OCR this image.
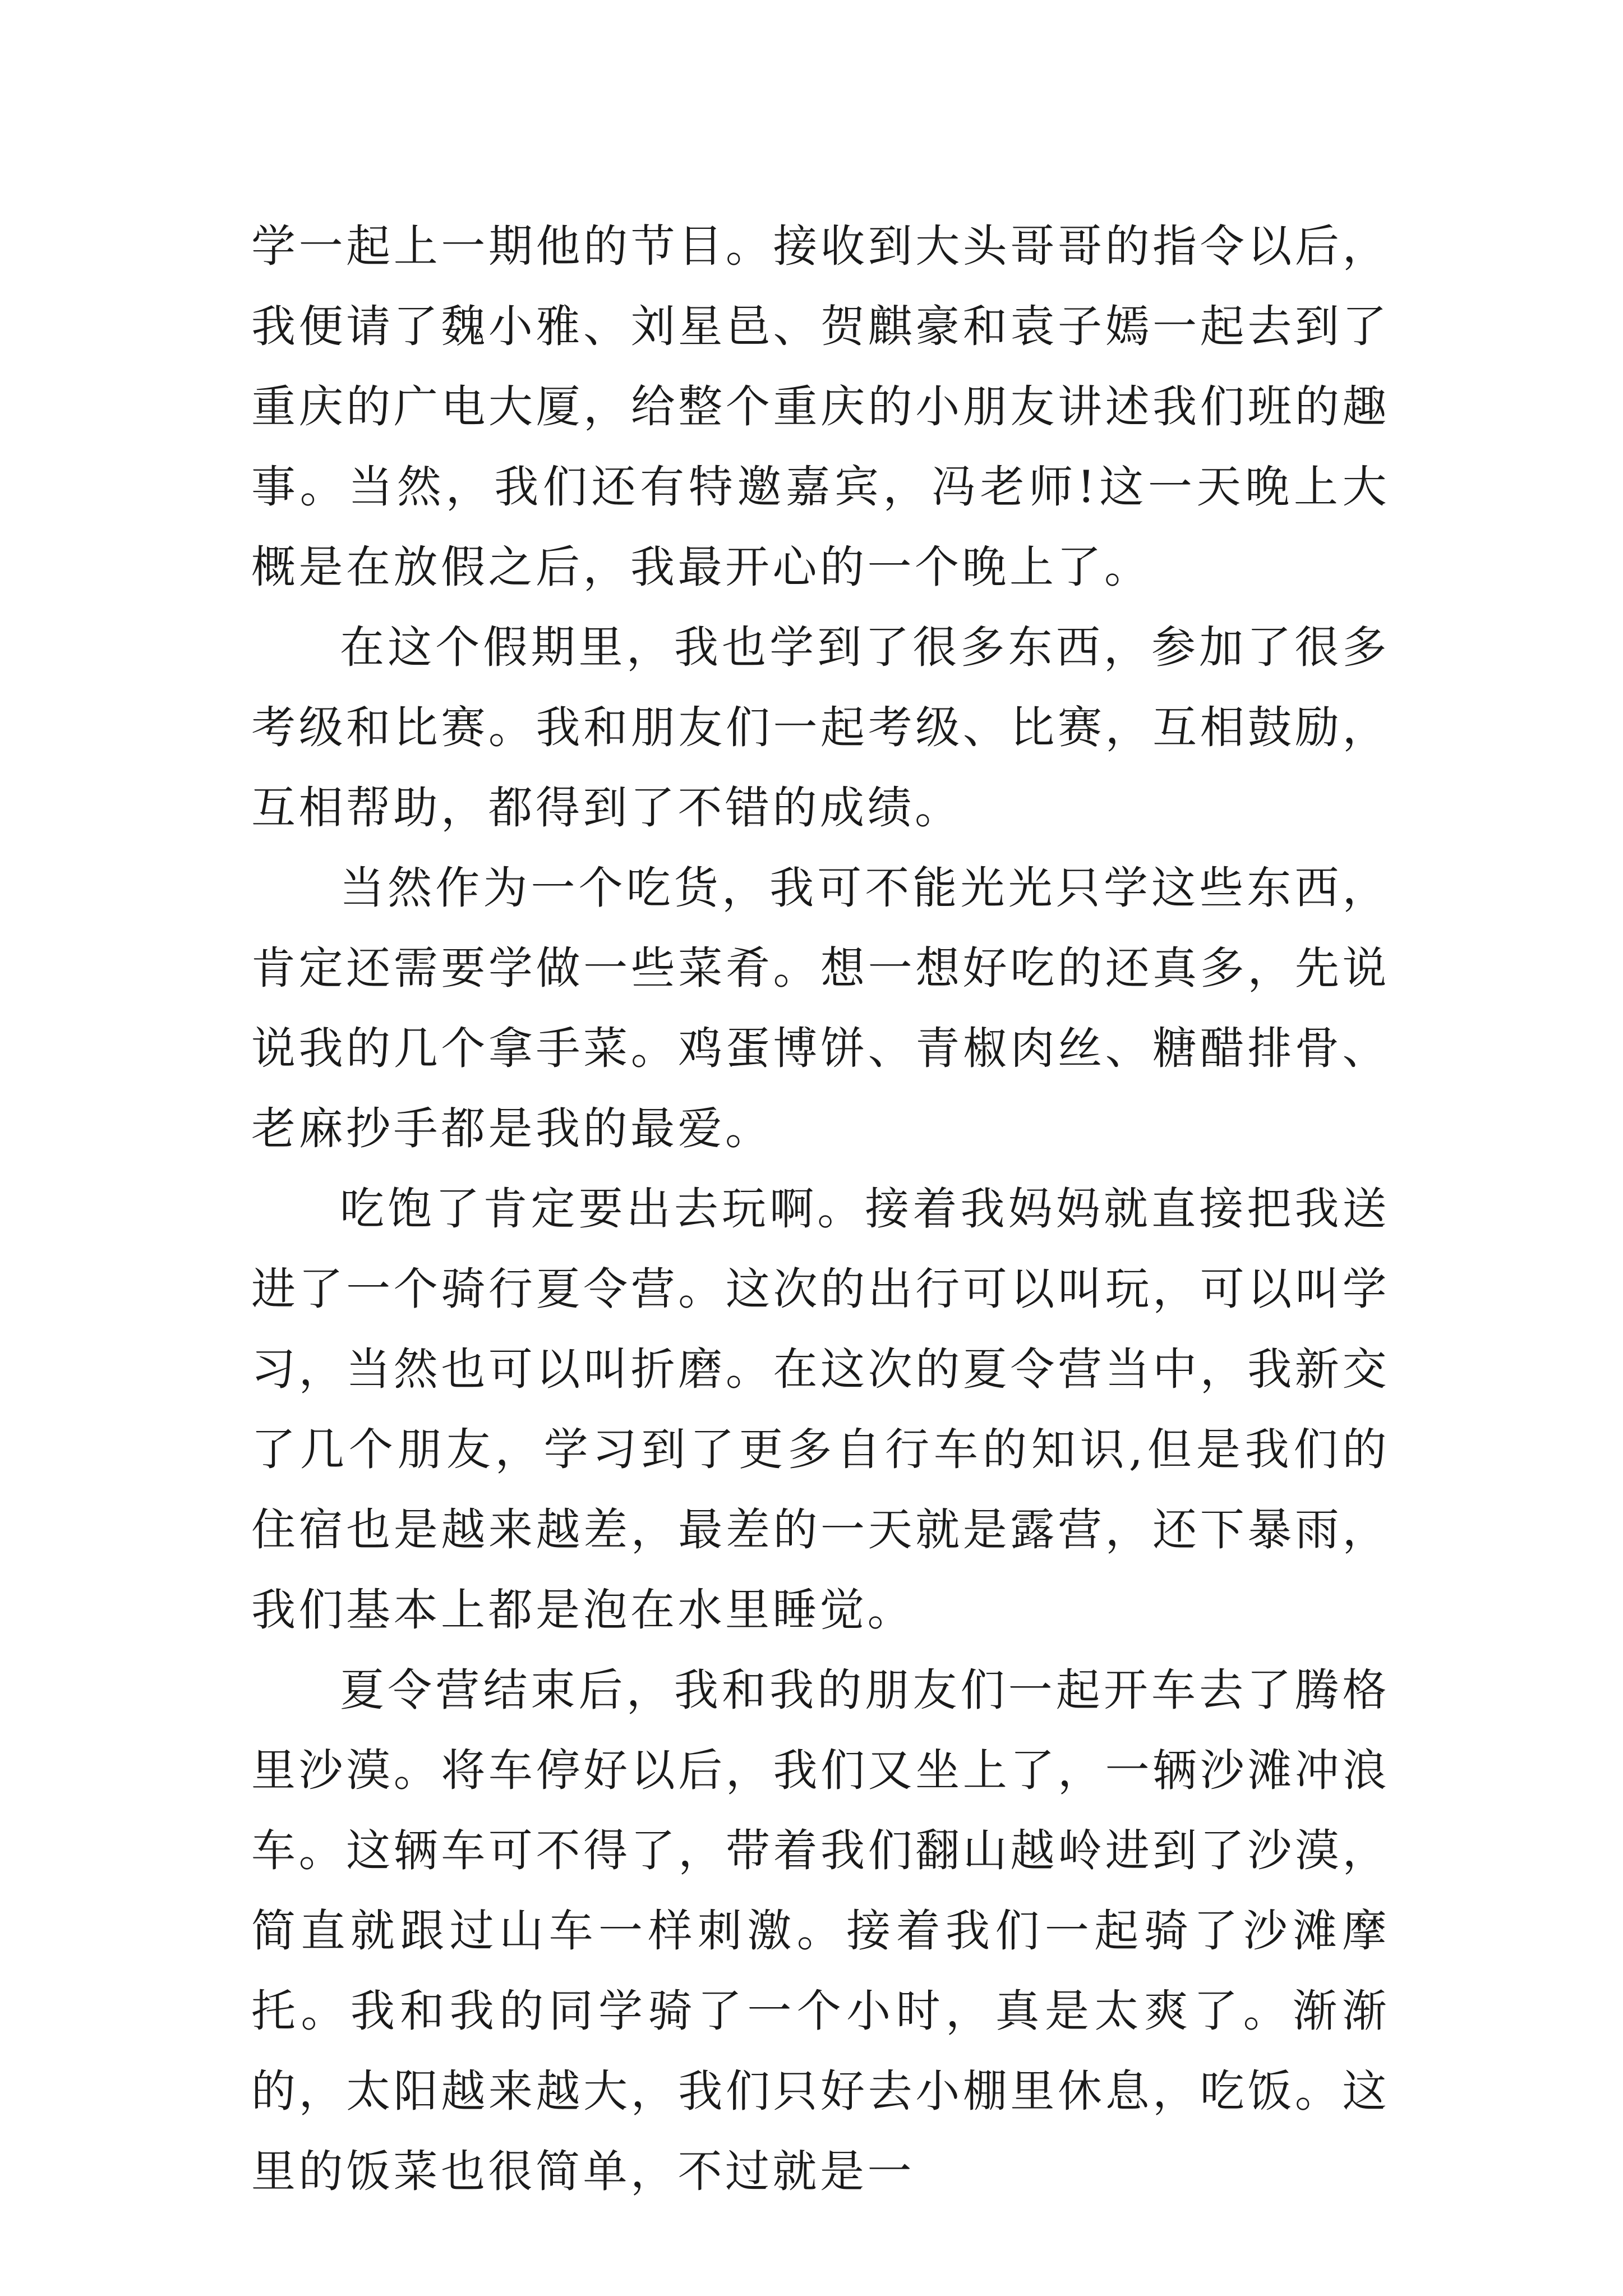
学一起上一期他的节目。接收到大头哥哥的指令以后，我便请了魏小雅、刘星邑、贺麒豪和袁子嫣一起去到了重庆的广电大厦，给整个重庆的小朋友讲述我们班的趣事。当然，我们还有特邀嘉宾，冯老师!这一天晚上大概是在放假之后，我最开心的一个晚上了。

在这个假期里，我也学到了很多东西，参加了很多考级和比赛。我和朋友们一起考级、比赛，互相鼓励，互相帮助，都得到了不错的成绩。

当然作为一个吃货，我可不能光光只学这些东西，肯定还需要学做一些菜肴。想一想好吃的还真多，先说说我的几个拿手菜。鸡蛋博饼、青椒肉丝、糖醋排骨、老麻抄手都是我的最爱。

吃饱了肯定要出去玩啊。接着我妈妈就直接把我送进了一个骑行夏令营。这次的出行可以叫玩，可以叫学习，当然也可以叫折磨。在这次的夏令营当中，我新交了几个朋友，学习到了更多自行车的知识,但是我们的住宿也是越来越差，最差的一天就是露营，还下暴雨，我们基本上都是泡在水里睡觉。

夏令营结束后，我和我的朋友们一起开车去了腾格里沙漠。将车停好以后，我们又坐上了，一辆沙滩冲浪车。这辆车可不得了，带着我们翻山越岭进到了沙漠，简直就跟过山车一样刺激。接着我们一起骑了沙滩摩托。我和我的同学骑了一个小时，真是太爽了。渐渐的，太阳越来越大，我们只好去小棚里休息，吃饭。这里的饭菜也很简单，不过就是一
